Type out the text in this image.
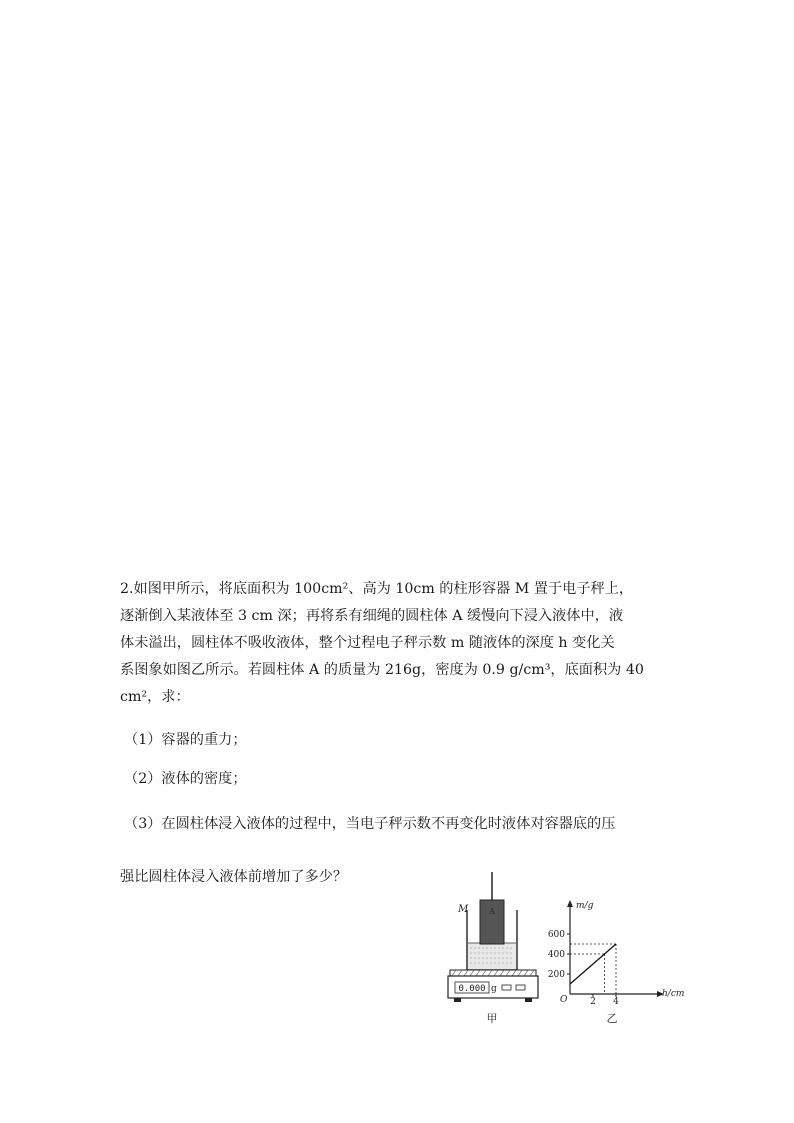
2.如图甲所示，将底面积为 100cm²、高为 10cm 的柱形容器 M 置于电子秤上，
逐渐倒入某液体至 3 cm 深；再将系有细绳的圆柱体 A 缓慢向下浸入液体中，液
体未溢出，圆柱体不吸收液体，整个过程电子秤示数 m 随液体的深度 h 变化关
系图象如图乙所示。若圆柱体 A 的质量为 216g，密度为 0.9 g/cm³，底面积为 40
cm²，求：
（1）容器的重力；
（2）液体的密度；
（3）在圆柱体浸入液体的过程中，当电子秤示数不再变化时液体对容器底的压
强比圆柱体浸入液体前增加了多少？
A
M
0.000 g
甲
m/g
h/cm
O
乙
200
400
600
2 4
